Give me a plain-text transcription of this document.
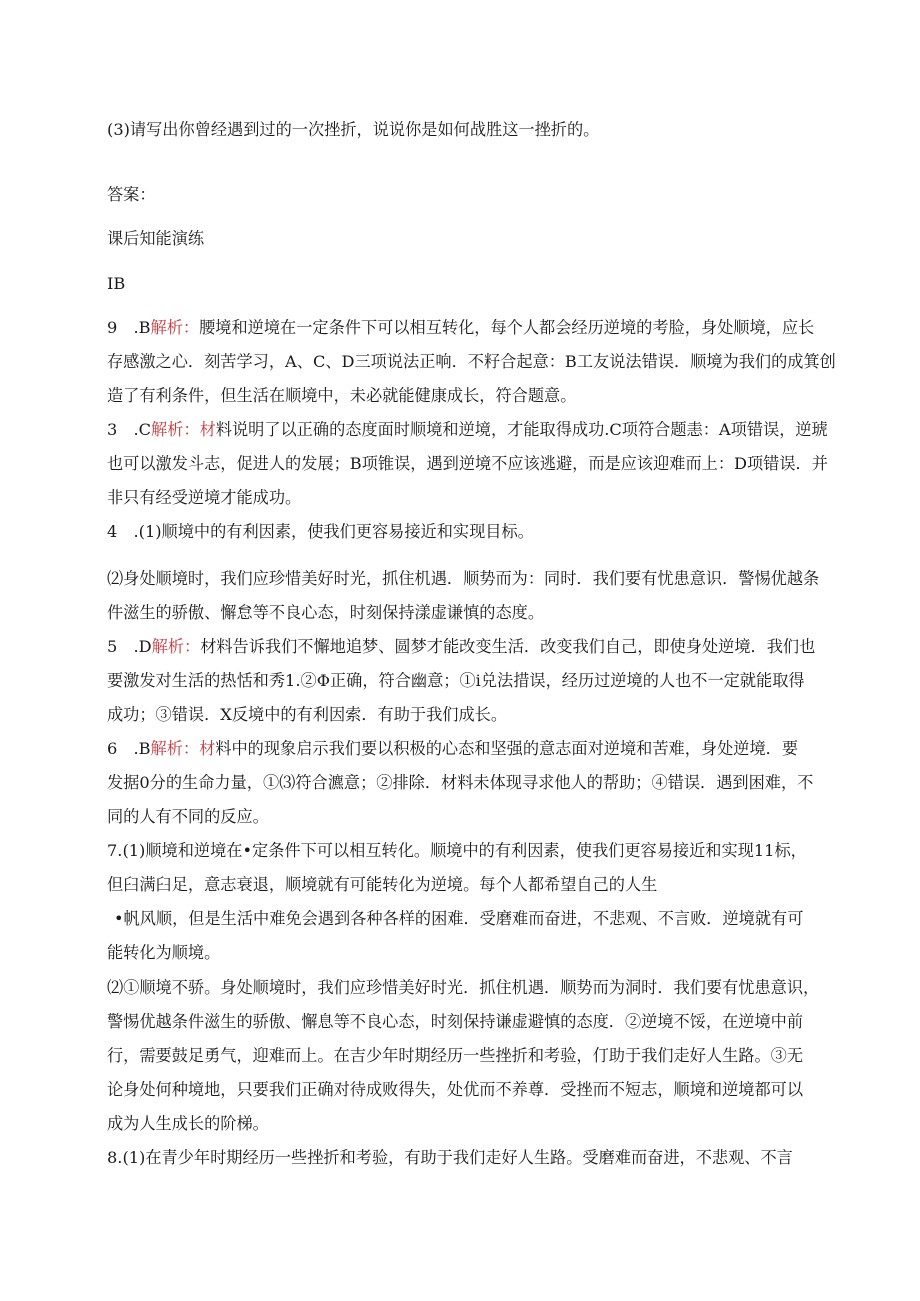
(3)请写出你曾经遇到过的一次挫折，说说你是如何战胜这一挫折的。
答案：
课后知能演练
IB
9　.B解析：腰境和逆境在一定条件下可以相互转化，每个人都会经历逆境的考脸，身处顺境，应长
存感激之心．刻苦学习，A、C、D三项说法正响．不籽合起意：B工友说法错误．顺境为我们的成箕创
造了有利条件，但生活在顺境中，未必就能健康成长，符合题意。
3　.C解析：材料说明了以正确的态度面时顺境和逆境，才能取得成功.C项符合题恚：A项错误，逆琥
也可以激发斗志，促进人的发展；B项锥误，遇到逆境不应该逃避，而是应该迎难而上：D项错误．并
非只有经受逆境才能成功。
4　.(1)顺境中的有利因素，使我们更容易接近和实现目标。
⑵身处顺境时，我们应珍惜美好时光，抓住机遇．顺势而为：同时．我们要有忧患意识．警惕优越条
件滋生的骄傲、懈怠等不良心态，时刻保持漾虚谦慎的态度。
5　.D解析：材料告诉我们不懈地追梦、圆梦才能改变生活．改变我们自己，即使身处逆境．我们也
要激发对生活的热恬和秀1.②Φ正确，符合幽意；①i兑法措误，经历过逆境的人也不一定就能取得
成功；③错误．X反境中的有利因索．有助于我们成长。
6　.B解析：材料中的现象启示我们要以积极的心态和坚强的意志面对逆境和苦难，身处逆境．要
发据0分的生命力量，①⑶符合瀌意；②排除．材料未体现寻求他人的帮助；④错误．遇到困难，不
同的人有不同的反应。
7.(1)顺境和逆境在•定条件下可以相互转化。顺境中的有利因素，使我们更容易接近和实现11标，
但臼满臼足，意志衰退，顺境就有可能转化为逆境。每个人都希望自己的人生
•帆风顺，但是生活中难免会遇到各种各样的困难．受磨难而奋进，不悲观、不言败．逆境就有可
能转化为顺境。
⑵①顺境不骄。身处顺境时，我们应珍惜美好时光．抓住机遇．顺势而为洞时．我们要有忧患意识，
警惕优越条件滋生的骄傲、懈息等不良心态，时刻保持谦虚避慎的态度．②逆境不馁，在逆境中前
行，需要鼓足勇气，迎难而上。在吉少年时期经历一些挫折和考验，仃助于我们走好人生路。③无
论身处何种境地，只要我们正确对待成败得失，处优而不养尊．受挫而不短志，顺境和逆境都可以
成为人生成长的阶梯。
8.(1)在青少年时期经历一些挫折和考验，有助于我们走好人生路。受磨难而奋进，不悲观、不言
